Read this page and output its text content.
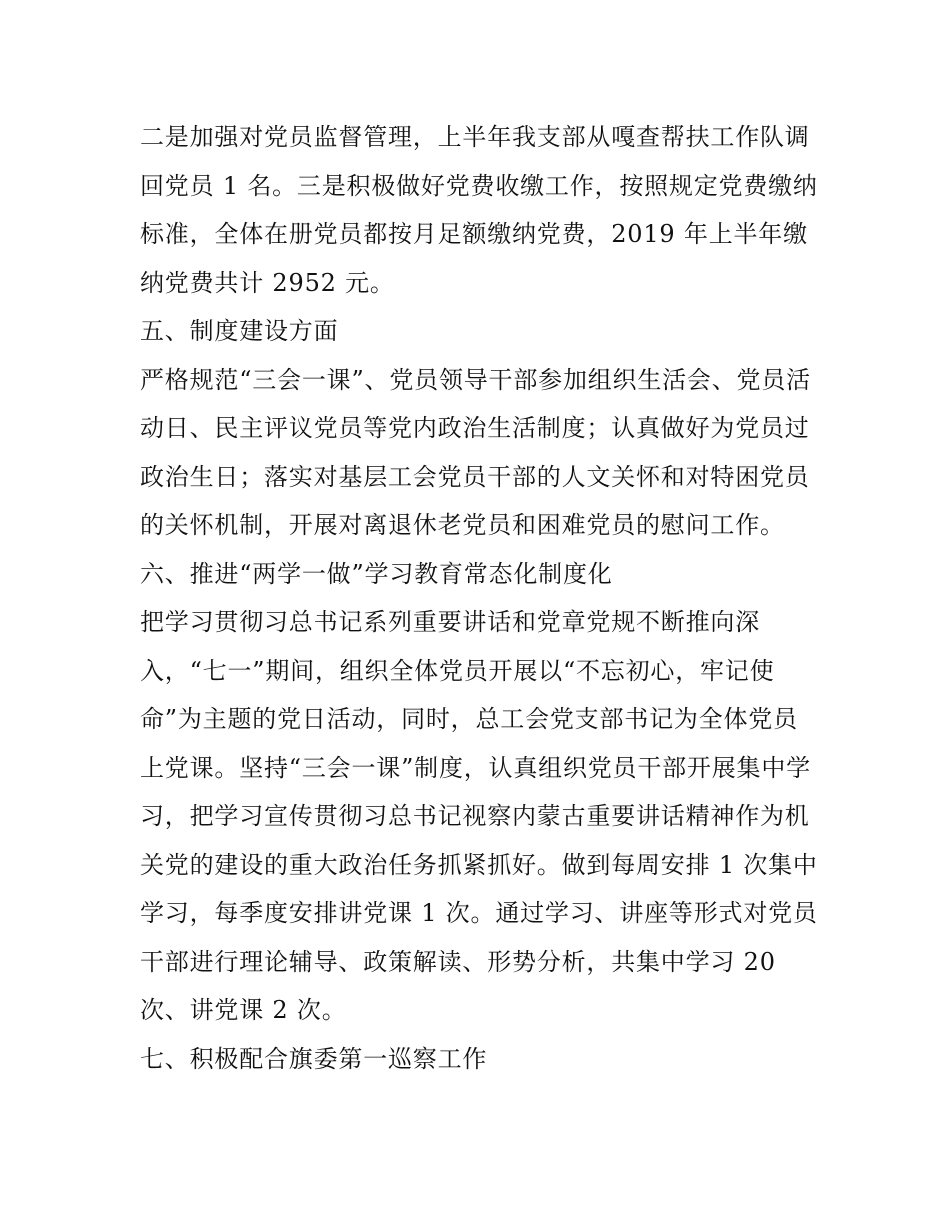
二是加强对党员监督管理，上半年我支部从嘎查帮扶工作队调
回党员 1 名。三是积极做好党费收缴工作，按照规定党费缴纳
标准，全体在册党员都按月足额缴纳党费，2019 年上半年缴
纳党费共计 2952 元。
五、制度建设方面
严格规范“三会一课”、党员领导干部参加组织生活会、党员活
动日、民主评议党员等党内政治生活制度；认真做好为党员过
政治生日；落实对基层工会党员干部的人文关怀和对特困党员
的关怀机制，开展对离退休老党员和困难党员的慰问工作。
六、推进“两学一做”学习教育常态化制度化
把学习贯彻习总书记系列重要讲话和党章党规不断推向深
入，“七一”期间，组织全体党员开展以“不忘初心，牢记使
命”为主题的党日活动，同时，总工会党支部书记为全体党员
上党课。坚持“三会一课”制度，认真组织党员干部开展集中学
习，把学习宣传贯彻习总书记视察内蒙古重要讲话精神作为机
关党的建设的重大政治任务抓紧抓好。做到每周安排 1 次集中
学习，每季度安排讲党课 1 次。通过学习、讲座等形式对党员
干部进行理论辅导、政策解读、形势分析，共集中学习 20
次、讲党课 2 次。
七、积极配合旗委第一巡察工作
